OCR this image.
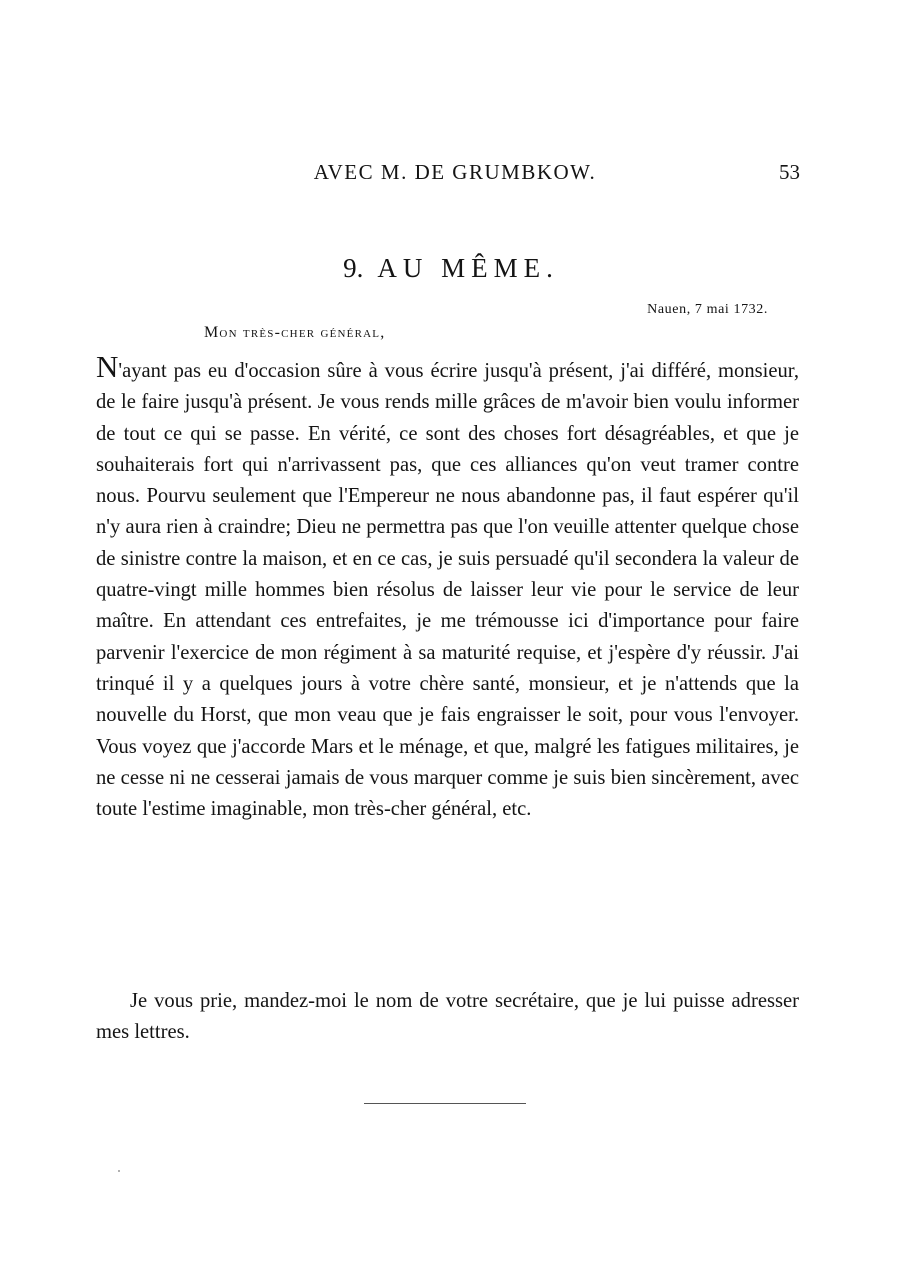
AVEC M. DE GRUMBKOW.	53
9. AU MÊME.
Nauen, 7 mai 1732.
Mon très-cher général,

N'ayant pas eu d'occasion sûre à vous écrire jusqu'à présent, j'ai différé, monsieur, de le faire jusqu'à présent. Je vous rends mille grâces de m'avoir bien voulu informer de tout ce qui se passe. En vérité, ce sont des choses fort désagréables, et que je souhaiterais fort qui n'arrivassent pas, que ces alliances qu'on veut tramer contre nous. Pourvu seulement que l'Empereur ne nous abandonne pas, il faut espérer qu'il n'y aura rien à craindre; Dieu ne permettra pas que l'on veuille attenter quelque chose de sinistre contre la maison, et en ce cas, je suis persuadé qu'il secondera la valeur de quatre-vingt mille hommes bien résolus de laisser leur vie pour le service de leur maître. En attendant ces entrefaites, je me trémousse ici d'importance pour faire parvenir l'exercice de mon régiment à sa maturité requise, et j'espère d'y réussir. J'ai trinqué il y a quelques jours à votre chère santé, monsieur, et je n'attends que la nouvelle du Horst, que mon veau que je fais engraisser le soit, pour vous l'envoyer. Vous voyez que j'accorde Mars et le ménage, et que, malgré les fatigues militaires, je ne cesse ni ne cesserai jamais de vous marquer comme je suis bien sincèrement, avec toute l'estime imaginable, mon très-cher général, etc.

Je vous prie, mandez-moi le nom de votre secrétaire, que je lui puisse adresser mes lettres.
